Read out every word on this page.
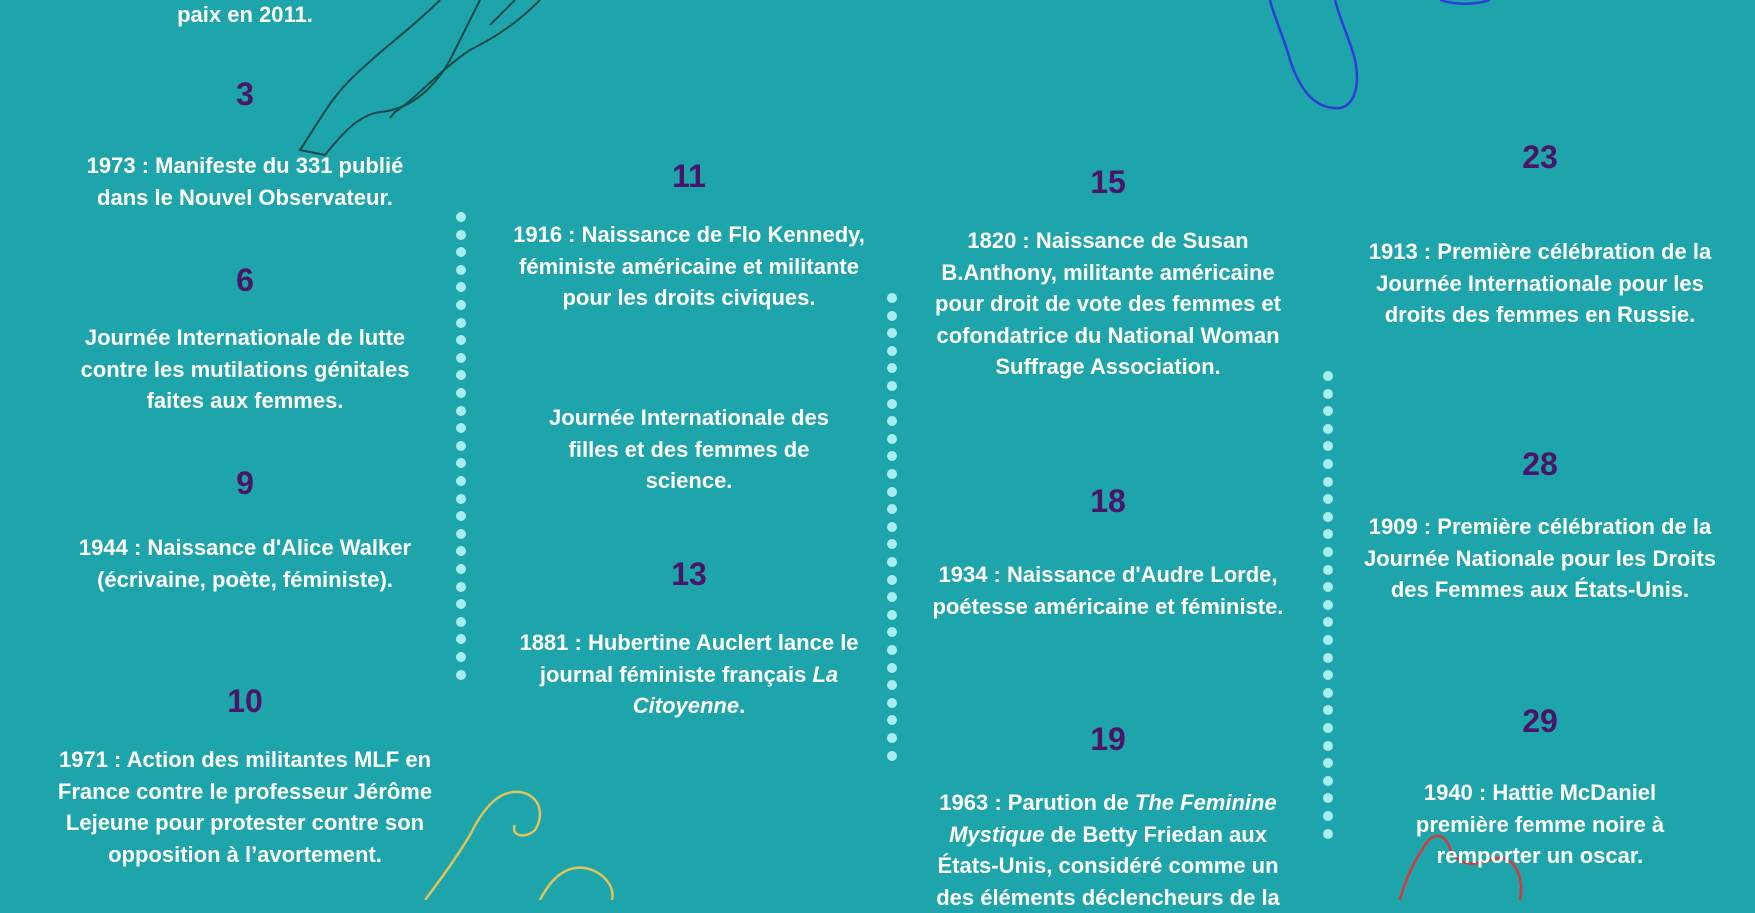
paix en 2011.
3
1973 : Manifeste du 331 publié dans le Nouvel Observateur.
6
Journée Internationale de lutte contre les mutilations génitales faites aux femmes.
9
1944 : Naissance d'Alice Walker (écrivaine, poète, féministe).
10
1971 : Action des militantes MLF en France contre le professeur Jérôme Lejeune pour protester contre son opposition à l’avortement.
11
1916 : Naissance de Flo Kennedy, féministe américaine et militante pour les droits civiques.
Journée Internationale des filles et des femmes de science.
13
1881 : Hubertine Auclert lance le journal féministe français La Citoyenne.
15
1820 : Naissance de Susan B.Anthony, militante américaine pour droit de vote des femmes et cofondatrice du National Woman Suffrage Association.
18
1934 : Naissance d'Audre Lorde, poétesse américaine et féministe.
19
1963 : Parution de The Feminine Mystique de Betty Friedan aux États-Unis, considéré comme un des éléments déclencheurs de la
23
1913 : Première célébration de la Journée Internationale pour les droits des femmes en Russie.
28
1909 : Première célébration de la Journée Nationale pour les Droits des Femmes aux États-Unis.
29
1940 : Hattie McDaniel première femme noire à remporter un oscar.
